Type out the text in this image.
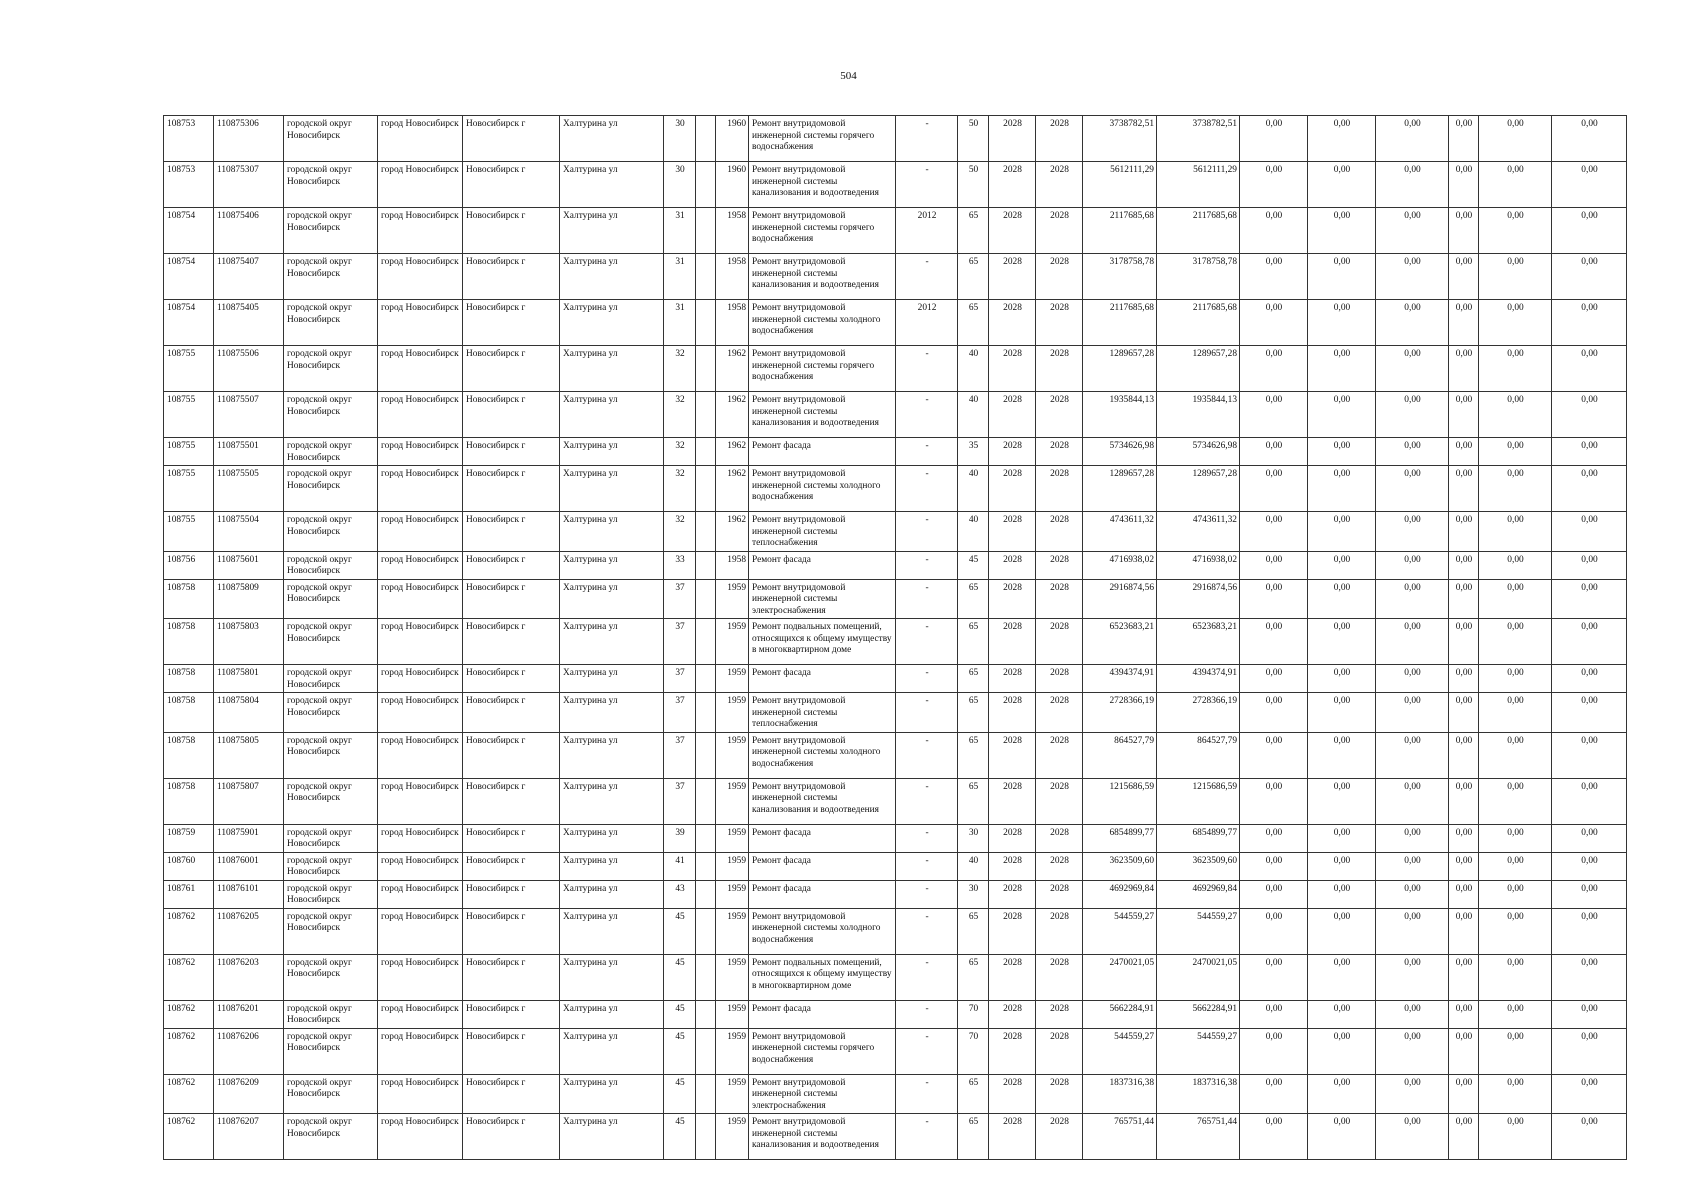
504
108753	110875306	городской округ Новосибирск	город Новосибирск	Новосибирск г	Халтурина ул	30		1960	Ремонт внутридомовой инженерной системы горячего водоснабжения	-	50	2028	2028	3738782,51	3738782,51	0,00	0,00	0,00	0,00	0,00	0,00
108753	110875307	городской округ Новосибирск	город Новосибирск	Новосибирск г	Халтурина ул	30		1960	Ремонт внутридомовой инженерной системы канализования и водоотведения	-	50	2028	2028	5612111,29	5612111,29	0,00	0,00	0,00	0,00	0,00	0,00
108754	110875406	городской округ Новосибирск	город Новосибирск	Новосибирск г	Халтурина ул	31		1958	Ремонт внутридомовой инженерной системы горячего водоснабжения	2012	65	2028	2028	2117685,68	2117685,68	0,00	0,00	0,00	0,00	0,00	0,00
108754	110875407	городской округ Новосибирск	город Новосибирск	Новосибирск г	Халтурина ул	31		1958	Ремонт внутридомовой инженерной системы канализования и водоотведения	-	65	2028	2028	3178758,78	3178758,78	0,00	0,00	0,00	0,00	0,00	0,00
108754	110875405	городской округ Новосибирск	город Новосибирск	Новосибирск г	Халтурина ул	31		1958	Ремонт внутридомовой инженерной системы холодного водоснабжения	2012	65	2028	2028	2117685,68	2117685,68	0,00	0,00	0,00	0,00	0,00	0,00
108755	110875506	городской округ Новосибирск	город Новосибирск	Новосибирск г	Халтурина ул	32		1962	Ремонт внутридомовой инженерной системы горячего водоснабжения	-	40	2028	2028	1289657,28	1289657,28	0,00	0,00	0,00	0,00	0,00	0,00
108755	110875507	городской округ Новосибирск	город Новосибирск	Новосибирск г	Халтурина ул	32		1962	Ремонт внутридомовой инженерной системы канализования и водоотведения	-	40	2028	2028	1935844,13	1935844,13	0,00	0,00	0,00	0,00	0,00	0,00
108755	110875501	городской округ Новосибирск	город Новосибирск	Новосибирск г	Халтурина ул	32		1962	Ремонт фасада	-	35	2028	2028	5734626,98	5734626,98	0,00	0,00	0,00	0,00	0,00	0,00
108755	110875505	городской округ Новосибирск	город Новосибирск	Новосибирск г	Халтурина ул	32		1962	Ремонт внутридомовой инженерной системы холодного водоснабжения	-	40	2028	2028	1289657,28	1289657,28	0,00	0,00	0,00	0,00	0,00	0,00
108755	110875504	городской округ Новосибирск	город Новосибирск	Новосибирск г	Халтурина ул	32		1962	Ремонт внутридомовой инженерной системы теплоснабжения	-	40	2028	2028	4743611,32	4743611,32	0,00	0,00	0,00	0,00	0,00	0,00
108756	110875601	городской округ Новосибирск	город Новосибирск	Новосибирск г	Халтурина ул	33		1958	Ремонт фасада	-	45	2028	2028	4716938,02	4716938,02	0,00	0,00	0,00	0,00	0,00	0,00
108758	110875809	городской округ Новосибирск	город Новосибирск	Новосибирск г	Халтурина ул	37		1959	Ремонт внутридомовой инженерной системы электроснабжения	-	65	2028	2028	2916874,56	2916874,56	0,00	0,00	0,00	0,00	0,00	0,00
108758	110875803	городской округ Новосибирск	город Новосибирск	Новосибирск г	Халтурина ул	37		1959	Ремонт подвальных помещений, относящихся к общему имуществу в многоквартирном доме	-	65	2028	2028	6523683,21	6523683,21	0,00	0,00	0,00	0,00	0,00	0,00
108758	110875801	городской округ Новосибирск	город Новосибирск	Новосибирск г	Халтурина ул	37		1959	Ремонт фасада	-	65	2028	2028	4394374,91	4394374,91	0,00	0,00	0,00	0,00	0,00	0,00
108758	110875804	городской округ Новосибирск	город Новосибирск	Новосибирск г	Халтурина ул	37		1959	Ремонт внутридомовой инженерной системы теплоснабжения	-	65	2028	2028	2728366,19	2728366,19	0,00	0,00	0,00	0,00	0,00	0,00
108758	110875805	городской округ Новосибирск	город Новосибирск	Новосибирск г	Халтурина ул	37		1959	Ремонт внутридомовой инженерной системы холодного водоснабжения	-	65	2028	2028	864527,79	864527,79	0,00	0,00	0,00	0,00	0,00	0,00
108758	110875807	городской округ Новосибирск	город Новосибирск	Новосибирск г	Халтурина ул	37		1959	Ремонт внутридомовой инженерной системы канализования и водоотведения	-	65	2028	2028	1215686,59	1215686,59	0,00	0,00	0,00	0,00	0,00	0,00
108759	110875901	городской округ Новосибирск	город Новосибирск	Новосибирск г	Халтурина ул	39		1959	Ремонт фасада	-	30	2028	2028	6854899,77	6854899,77	0,00	0,00	0,00	0,00	0,00	0,00
108760	110876001	городской округ Новосибирск	город Новосибирск	Новосибирск г	Халтурина ул	41		1959	Ремонт фасада	-	40	2028	2028	3623509,60	3623509,60	0,00	0,00	0,00	0,00	0,00	0,00
108761	110876101	городской округ Новосибирск	город Новосибирск	Новосибирск г	Халтурина ул	43		1959	Ремонт фасада	-	30	2028	2028	4692969,84	4692969,84	0,00	0,00	0,00	0,00	0,00	0,00
108762	110876205	городской округ Новосибирск	город Новосибирск	Новосибирск г	Халтурина ул	45		1959	Ремонт внутридомовой инженерной системы холодного водоснабжения	-	65	2028	2028	544559,27	544559,27	0,00	0,00	0,00	0,00	0,00	0,00
108762	110876203	городской округ Новосибирск	город Новосибирск	Новосибирск г	Халтурина ул	45		1959	Ремонт подвальных помещений, относящихся к общему имуществу в многоквартирном доме	-	65	2028	2028	2470021,05	2470021,05	0,00	0,00	0,00	0,00	0,00	0,00
108762	110876201	городской округ Новосибирск	город Новосибирск	Новосибирск г	Халтурина ул	45		1959	Ремонт фасада	-	70	2028	2028	5662284,91	5662284,91	0,00	0,00	0,00	0,00	0,00	0,00
108762	110876206	городской округ Новосибирск	город Новосибирск	Новосибирск г	Халтурина ул	45		1959	Ремонт внутридомовой инженерной системы горячего водоснабжения	-	70	2028	2028	544559,27	544559,27	0,00	0,00	0,00	0,00	0,00	0,00
108762	110876209	городской округ Новосибирск	город Новосибирск	Новосибирск г	Халтурина ул	45		1959	Ремонт внутридомовой инженерной системы электроснабжения	-	65	2028	2028	1837316,38	1837316,38	0,00	0,00	0,00	0,00	0,00	0,00
108762	110876207	городской округ Новосибирск	город Новосибирск	Новосибирск г	Халтурина ул	45		1959	Ремонт внутридомовой инженерной системы канализования и водоотведения	-	65	2028	2028	765751,44	765751,44	0,00	0,00	0,00	0,00	0,00	0,00
